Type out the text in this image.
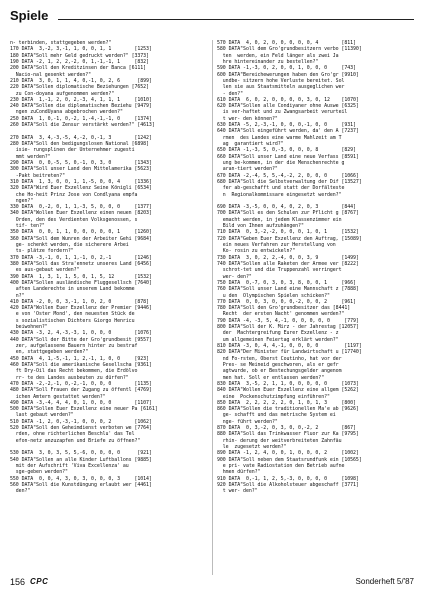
Spiele
n- terbinden, stattgegeben werden?"
170 DATA  3,-2, 3,-1, 1, 0, 0, 1, 1        [1253]
180 DATA"Soll mehr Geld gedruckt werden?" [3373]
190 DATA -2, 1, 2, 2,-2, 0, 1,-1,-1, 1     [832]
200 DATA"Soll den Kreditzinsen der Banca [6111]
Nacio-nal gesenkt werden?"
210 DATA  3, 0, 1, 1, 4, 0,-1, 0, 2, 6      [899]
220 DATA"Sollen diplomatische Beziehungen [7652]
zu Con-doyana aufgenommen werden?"
230 DATA  1,-1, 2, 0, 2,-3, 4, 1, 1, 1     [1010]
240 DATA"Sollen die diplomatischen Beziehu [9479]
ngen zuCondUyana abgebrochen werden?"
250 DATA  1, 0,-1, 0,-2, 1,-4,-1,-1, 0     [1374]
260 DATA"Soll die Zensur verstärkt werden?" [4613]
270 DATA  3, 4,-3,-5, 4,-2, 0,-1, 3        [1242]
280 DATA"Soll den bedigungslosen National [6898]
isie- rungsplinen der Unternehmer zugesti
mmt werden?"
290 DATA  0, 0,-5, 5, 0,-1, 0, 3, 0        [1343]
300 DATA"Soll unser Land den Mittelamerika [5623]
-Pakt beitreten?"
310 DATA  1, 3, 0, 0, 1, 1,-5, 0, 0, 4     [1336]
320 DATA"Wird Euer Exzellenz Seine Königli [6534]
che Ho-heit Prinz Jose von Condlyana empfa
ngen?"
330 DATA  0,-2, 0, 1, 1,-3, 5, 0, 0, 0     [1377]
340 DATA"Wollen Euer Exzellenz einen neuen [8203]
Orden, den des Verdienten Volksgenossen, s
tif- ten?"
350 DATA  0, 0, 1, 1, 0, 0, 0, 0, 0, 1     [1260]
360 DATA"Soll dem Wunren der Arbeiter Gehi [9684]
ge- schenkt werden, die sicherere Arbei
ts- plätze fordern?"
370 DATA -3,-1, 0, 1, 1,-1, 0, 2,-1        [1246]
380 DATA"Soll das Stra'ennetz unseres Land [6456]
es aus-gebaut werden?"
390 DATA  1, 3, 1, 1, 5, 0, 1, 5, 12       [1532]
400 DATA"Sollen ausländische Fluggesellsch [7640]
aften Landerechte in unserem Land bekomme
n?"
410 DATA -2, 0, 0, 3,-1, 1, 0, 2, 0        [878]
420 DATA"Wollen Euer Exzellenz der Premier [9446]
e von 'Oster Mond', den neuesten Stück de
s sozialistischen Dichters Giorgo Henricu
beiwohnen?"
430 DATA -3, 2, 4,-3,-3, 1, 0, 0, 0        [1076]
440 DATA"Soll der Bitte der Gro'grundbesit [9557]
zer, aufgelassene Bauern hinter zu bestraf
en, stattgegeben werden?"
450 DATA  4, 1,-5,-1, 1, 2,-1, 1, 0, 0     [923]
460 DATA"Soll die amerikanische Gesellscha [9361]
ft Dry-Oil das Recht bekommen, die Erdölvo
rr- te des Landes ausbeuten zu dürfen?"
470 DATA -2,-2,-1, 0,-2,-1, 0, 0, 0        [1135]
480 DATA"Soll Frauen der Zugang zu öffentl [4769]
ichen Ämtern gestattet werden?"
490 DATA -3,-4, 4, 4, 0, 1, 0, 0, 0        [1107]
500 DATA"Sollen Euer Exzellenz eine neuer Pa [6161]
last gebaut werden?"
510 DATA -1, 2, 0,-3,-1, 0, 0, 0, 2        [1062]
520 DATA"Soll den Geheimdienst verboten we [7764]
rden, ohne richterlichen Beschlu' das Tel
efon-netz anzuzapfen und Briefe zu öffnen?"
530 DATA  3, 0, 3, 5, 5,-6, 0, 0, 0, 0      [921]
540 DATA"Sollen an alle Kinder Luftballons [9885]
mit der Aufschrift 'Viva Excellenza' au
sge-geben werden?"
550 DATA  0, 0, 4, 3, 0, 3, 0, 0, 0, 3     [1014]
560 DATA"Soll die Kunstdüngung erlaubt wer [4461]
den?"
570 DATA  4, 0, 2, 0, 0, 0, 0, 0, 4        [811]
580 DATA"Soll dem Gro'grundbesitzern verbo [11390]
ten  werden, ein Feld länger als zwei Ja
hre hintereinander zu bestellen?"
590 DATA -1,-3, 0, 2, 0, 0, 1, 0, 0, 0     [743]
600 DATA"Bereichewerungen haben den Gro'gr [9910]
undbe- sitzern hohe Verluste bereitet. Sol
len sie aus Staatsmitteln ausgeglichen wer
- den?"
610 DATA  6, 0, 2, 0, 0, 0, 0, 3, 0, 12    [1070]
620 DATA"Sollen alle Condiyaner ohne Auswe [6325]
is ver-haftet und zu Zwangsarbeit verurteil
t wer- den können?"
630 DATA -5, 2,-3,-1, 0, 0, 0,-1, 0, 0     [931]
640 DATA"Soll eingeführt werden, da' den A [7237]
rmen  des Landes eine warme Mahlzeit am T
ag  garantiert wird?"
650 DATA -1,-3, 5, 0,-3, 0, 0, 0, 8        [829]
660 DATA"Soll unser Land eine neue Verfass [8591]
ung be-kommen, in der die Menschenrechte g
aran-tiert werden?"
670 DATA -2,-4, 5, 5,-4,-2, 2, 0, 0, 0     [1066]
680 DATA"Soll die Selbstverwaltung der Dif [13527]
fer ab-geschafft und statt der Dorfälteste
n  Regionalkommissare eingesetzt werden?"
690 DATA -3,-5, 0, 0, 4, 0, 2, 0, 3        [844]
700 DATA"Soll es den Schulen zur Pflicht g [8767]
emacht werden, in jedem Klassenzimmer ein
Bild von Ihnen aufzuhängen?"
710 DATA  0, 3,-2,-2, 0, 0, 0, 1, 0, 1     [1532]
720 DATA"Geben Euer Exzellenz den Auftrag, [15089]
ein neues Verfahren zur Herstellung von
Ko- rosin zu entwickeln?"
730 DATA  3, 0, 2, 2,-4, 0, 0, 3, 9        [1499]
740 DATA"Sollen alle Raketen der Armee ver [8222]
schrot-tet und die Truppenzahl verringert
wer- den?"
750 DATA  0,-7, 0, 3, 0, 3, 8, 0, 0, 1     [966]
760 DATA"Soll unser Land eine Mannschaft z [7888]
u den  Olympischen Spielen schicken?"
770 DATA  0, 0, 3, 0, 0, 0,-2, 0, 0, 2     [961]
780 DATA"Soll den Gro'grundbesitzer das [8441]
Recht  der ersten Nacht' genommen werden?"
790 DATA -4, -3, 5, 4,-1, 0, 0, 0, 0, 0     [779]
800 DATA"Soll der K. Mirz - der Jahrestag [12057]
der  Machtergreifung Eurer Exzellenz - z
um allgemeinen Feiertag erklärt werden?"
810 DATA -3, 0, 4, 4,-1, 0, 0, 0, 0         [1197]
820 DATA"Der Minister für Landwirtschaft u [17740]
nd Fo-rsten, Oberst Coutinho, hat vor der
Pres- se Meineid geschworen, als er gefr
agtwurde, ob er Bestechungsgelder angenom
men hat. Soll er entlassen werden?"
830 DATA  3,-5, 2, 1, 1, 0, 0, 0, 0, 0     [1073]
840 DATA"Wollen Euer Exzellenz eine allgem [5262]
eine  Pockenschutzimpfung einführen?"
850 DATA  2, 2, 2, 2, 2, 0, 1, 0, 1, 3     [800]
860 DATA"Sollen die traditionellen Ma'e ab [9626]
ge- schafft und das metrische System ei
nge- führt werden?"
870 DATA  0, 3,-2, 0, 3, 0, 0,-2, 2        [867]
880 DATA"Soll das Trinkwasser Fluor zur Ka [9795]
rhin- derung der weitverbreiteten Zahnfäu
le  zugesetzt werden?"
890 DATA -1, 2, 4, 0, 0, 1, 0, 0, 0, 2     [1002]
900 DATA"Soll neben dem Staatsrundfunk ein [10565]
e pri- vate Radiostation den Betrieb aufne
hmen dürfen?"
910 DATA  0,-1, 1, 2, 5,-3, 0, 0, 0, 0     [1098]
920 DATA"Soll die Alkoholsteuer abgeschaff [3771]
t wer- den?"
156 CPC	Sonderheft 5/'87
